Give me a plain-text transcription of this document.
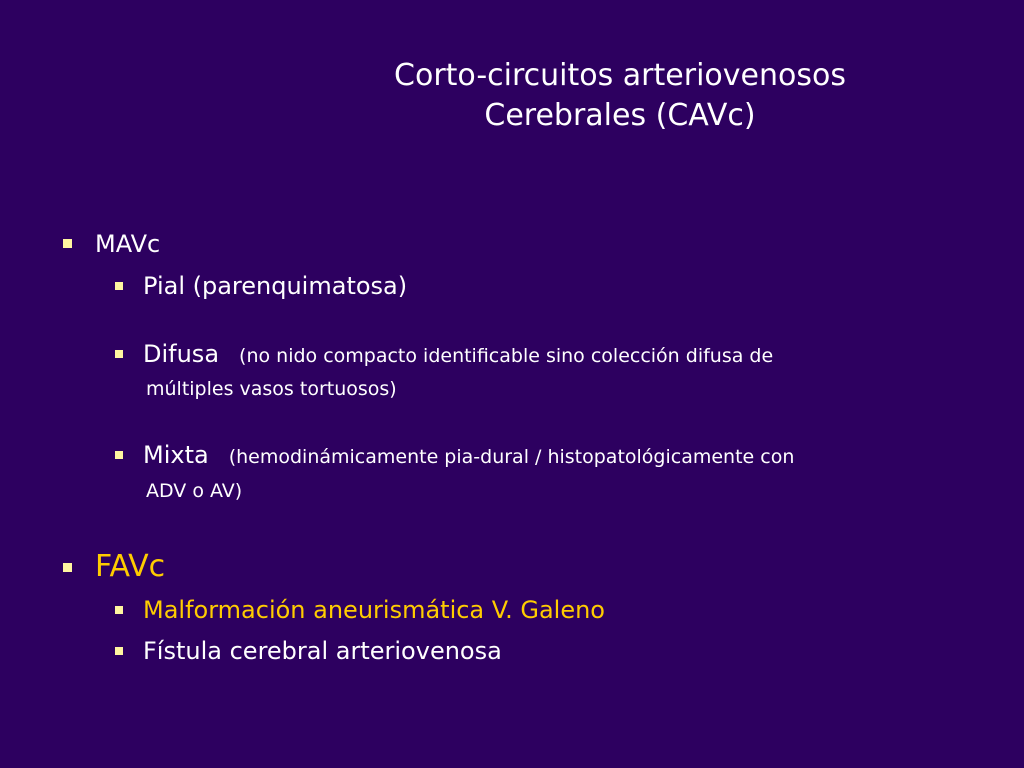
Corto-circuitos arteriovenosos
Cerebrales (CAVc)
MAVc
Pial (parenquimatosa)
Difusa (no nido compacto identificable sino colección difusa de
múltiples vasos tortuosos)
Mixta (hemodinámicamente pia-dural / histopatológicamente con
ADV o AV)
FAVc
Malformación aneurismática V. Galeno
Fístula cerebral arteriovenosa
